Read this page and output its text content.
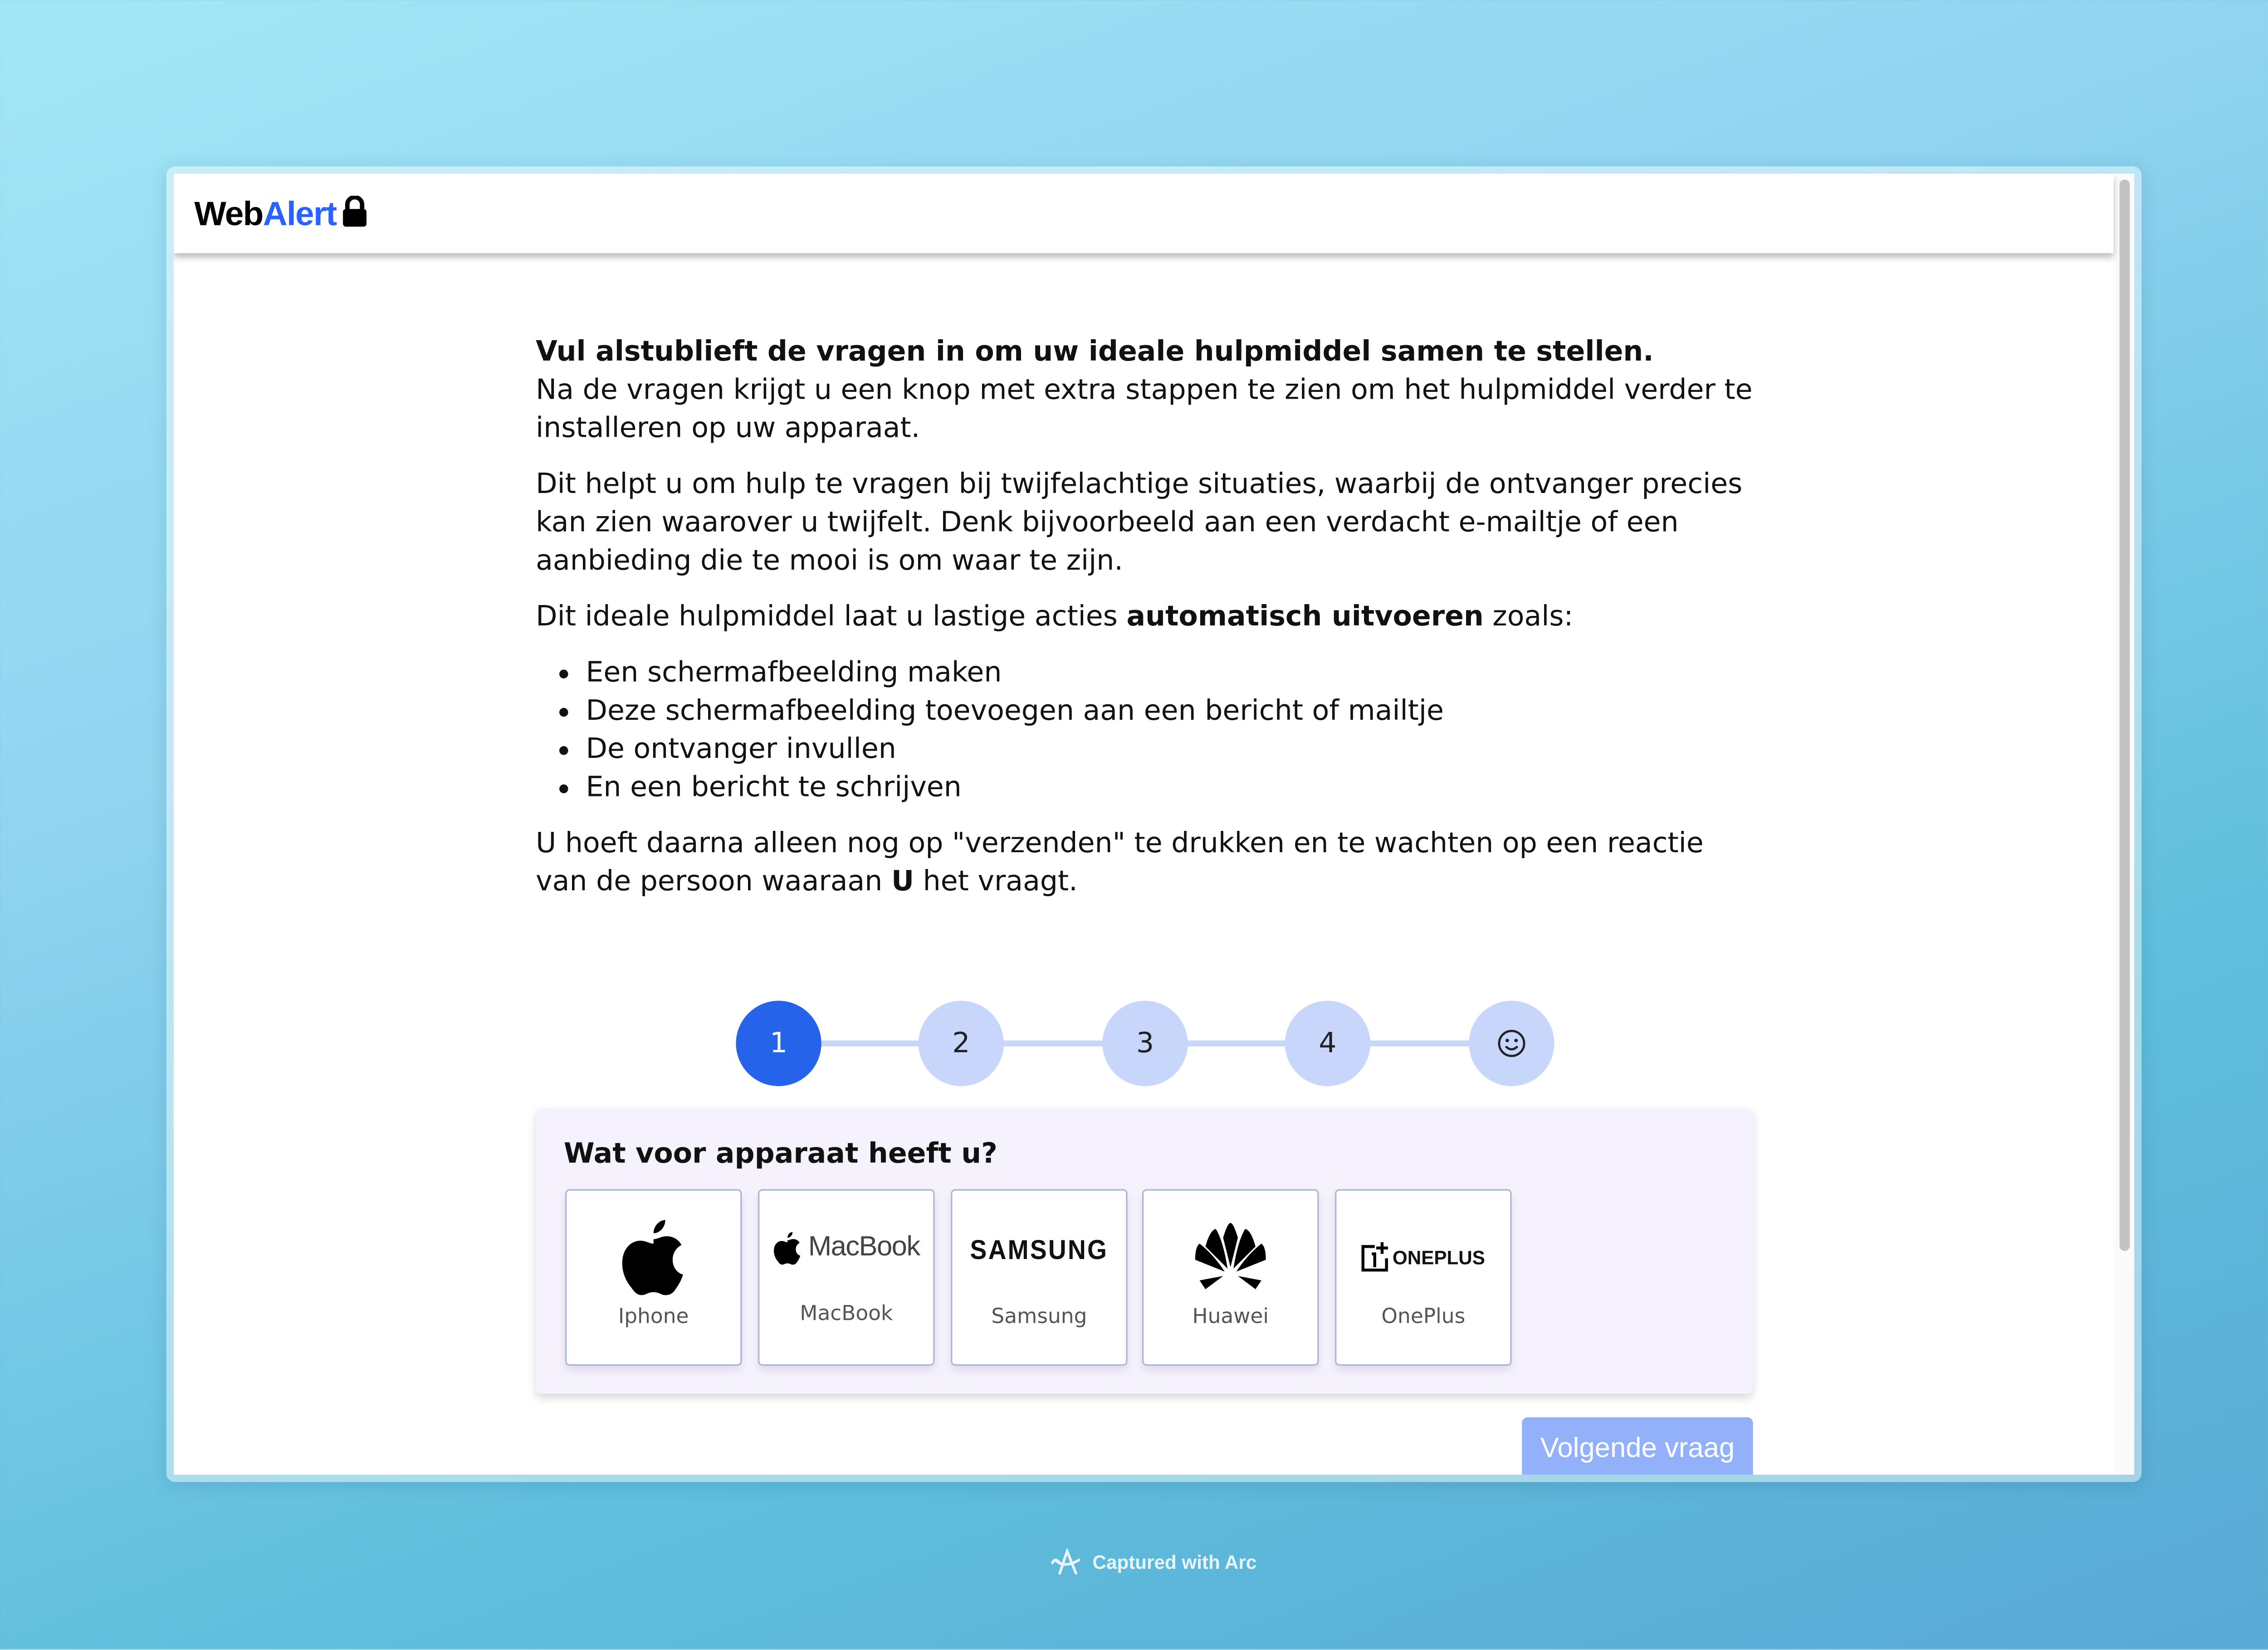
Web Alert
Vul alstublieft de vragen in om uw ideale hulpmiddel samen te stellen.

Na de vragen krijgt u een knop met extra stappen te zien om het hulpmiddel verder te installeren op uw apparaat.

Dit helpt u om hulp te vragen bij twijfelachtige situaties, waarbij de ontvanger precies kan zien waarover u twijfelt. Denk bijvoorbeeld aan een verdacht e-mailtje of een aanbieding die te mooi is om waar te zijn.

Dit ideale hulpmiddel laat u lastige acties automatisch uitvoeren zoals:

• Een schermafbeelding maken
• Deze schermafbeelding toevoegen aan een bericht of mailtje
• De ontvanger invullen
• En een bericht te schrijven

U hoeft daarna alleen nog op "verzenden" te drukken en te wachten op een reactie van de persoon waaraan U het vraagt.

1	2	3	4
Wat voor apparaat heeft u?
Iphone
MacBook
MacBook
SAMSUNG
Samsung	Huawei
ONEPLUS
OnePlus
Volgende vraag
Captured with Arc
